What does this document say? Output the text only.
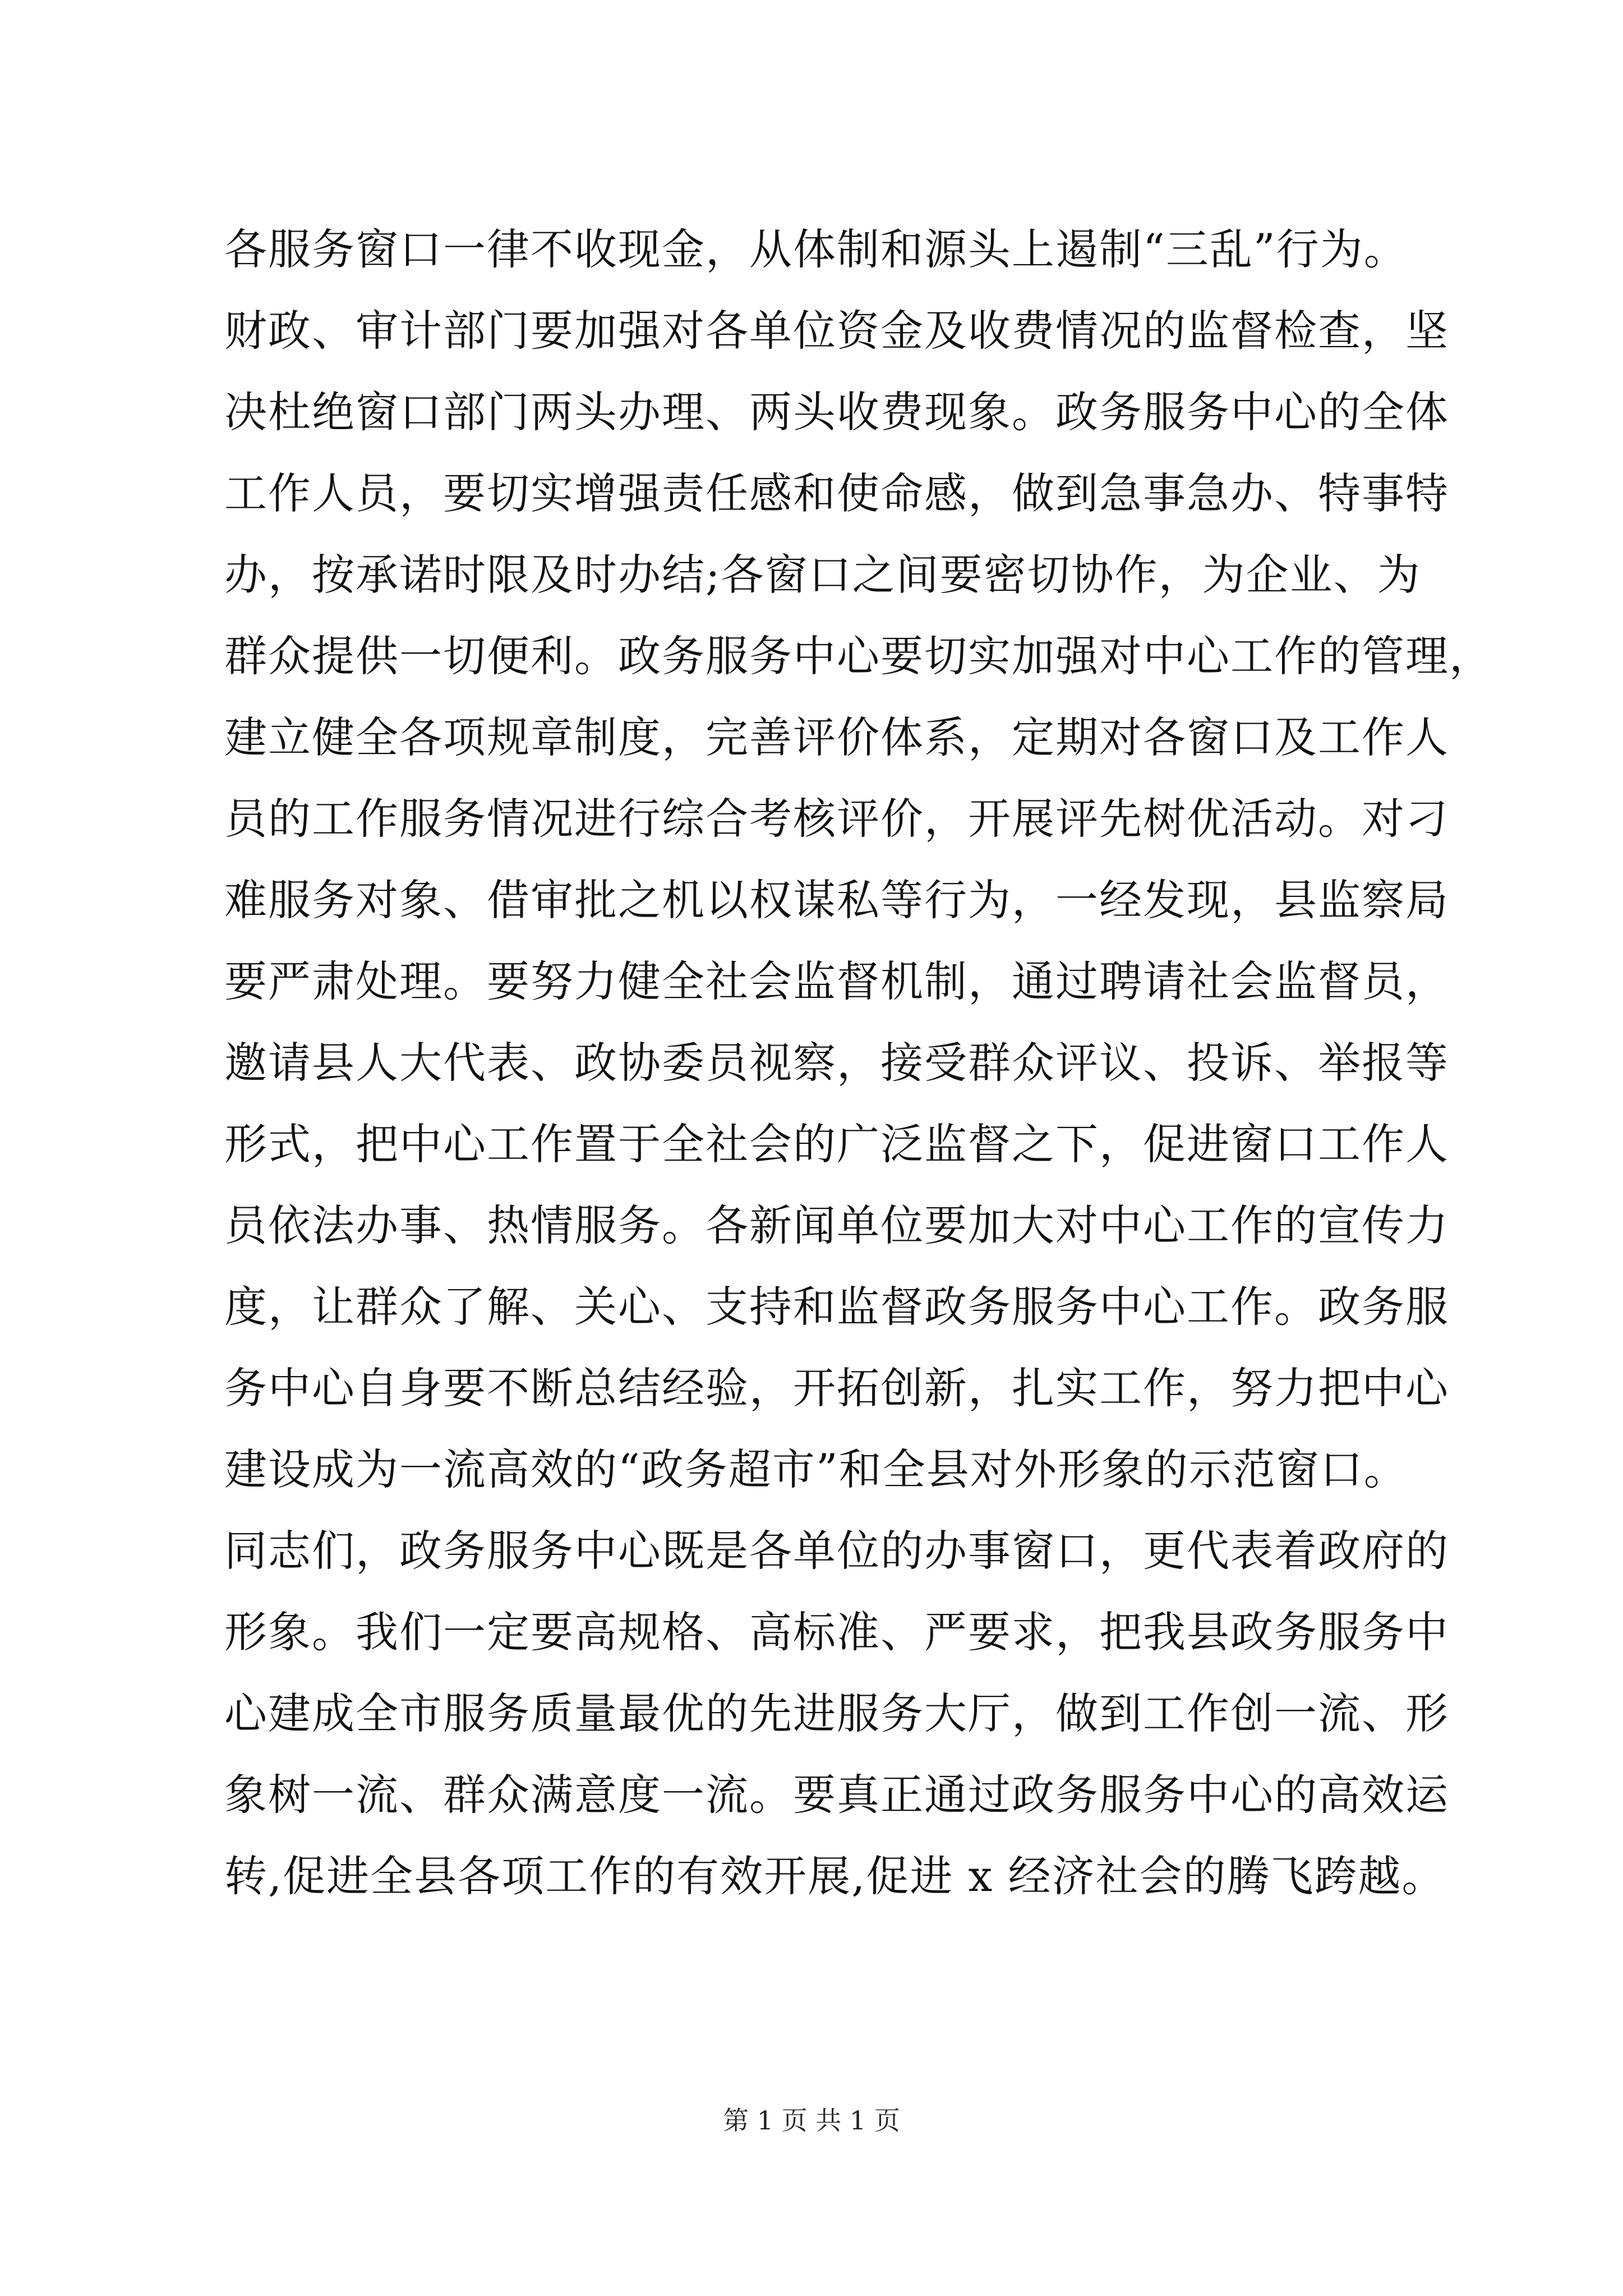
各服务窗口一律不收现金，从体制和源头上遏制“三乱”行为。
财政、审计部门要加强对各单位资金及收费情况的监督检查，坚
决杜绝窗口部门两头办理、两头收费现象。政务服务中心的全体
工作人员，要切实增强责任感和使命感，做到急事急办、特事特
办，按承诺时限及时办结;各窗口之间要密切协作，为企业、为
群众提供一切便利。政务服务中心要切实加强对中心工作的管理，
建立健全各项规章制度，完善评价体系，定期对各窗口及工作人
员的工作服务情况进行综合考核评价，开展评先树优活动。对刁
难服务对象、借审批之机以权谋私等行为，一经发现，县监察局
要严肃处理。要努力健全社会监督机制，通过聘请社会监督员，
邀请县人大代表、政协委员视察，接受群众评议、投诉、举报等
形式，把中心工作置于全社会的广泛监督之下，促进窗口工作人
员依法办事、热情服务。各新闻单位要加大对中心工作的宣传力
度，让群众了解、关心、支持和监督政务服务中心工作。政务服
务中心自身要不断总结经验，开拓创新，扎实工作，努力把中心
建设成为一流高效的“政务超市”和全县对外形象的示范窗口。
同志们，政务服务中心既是各单位的办事窗口，更代表着政府的
形象。我们一定要高规格、高标准、严要求，把我县政务服务中
心建成全市服务质量最优的先进服务大厅，做到工作创一流、形
象树一流、群众满意度一流。要真正通过政务服务中心的高效运
转,促进全县各项工作的有效开展,促进 x 经济社会的腾飞跨越。
第 1 页 共 1 页
